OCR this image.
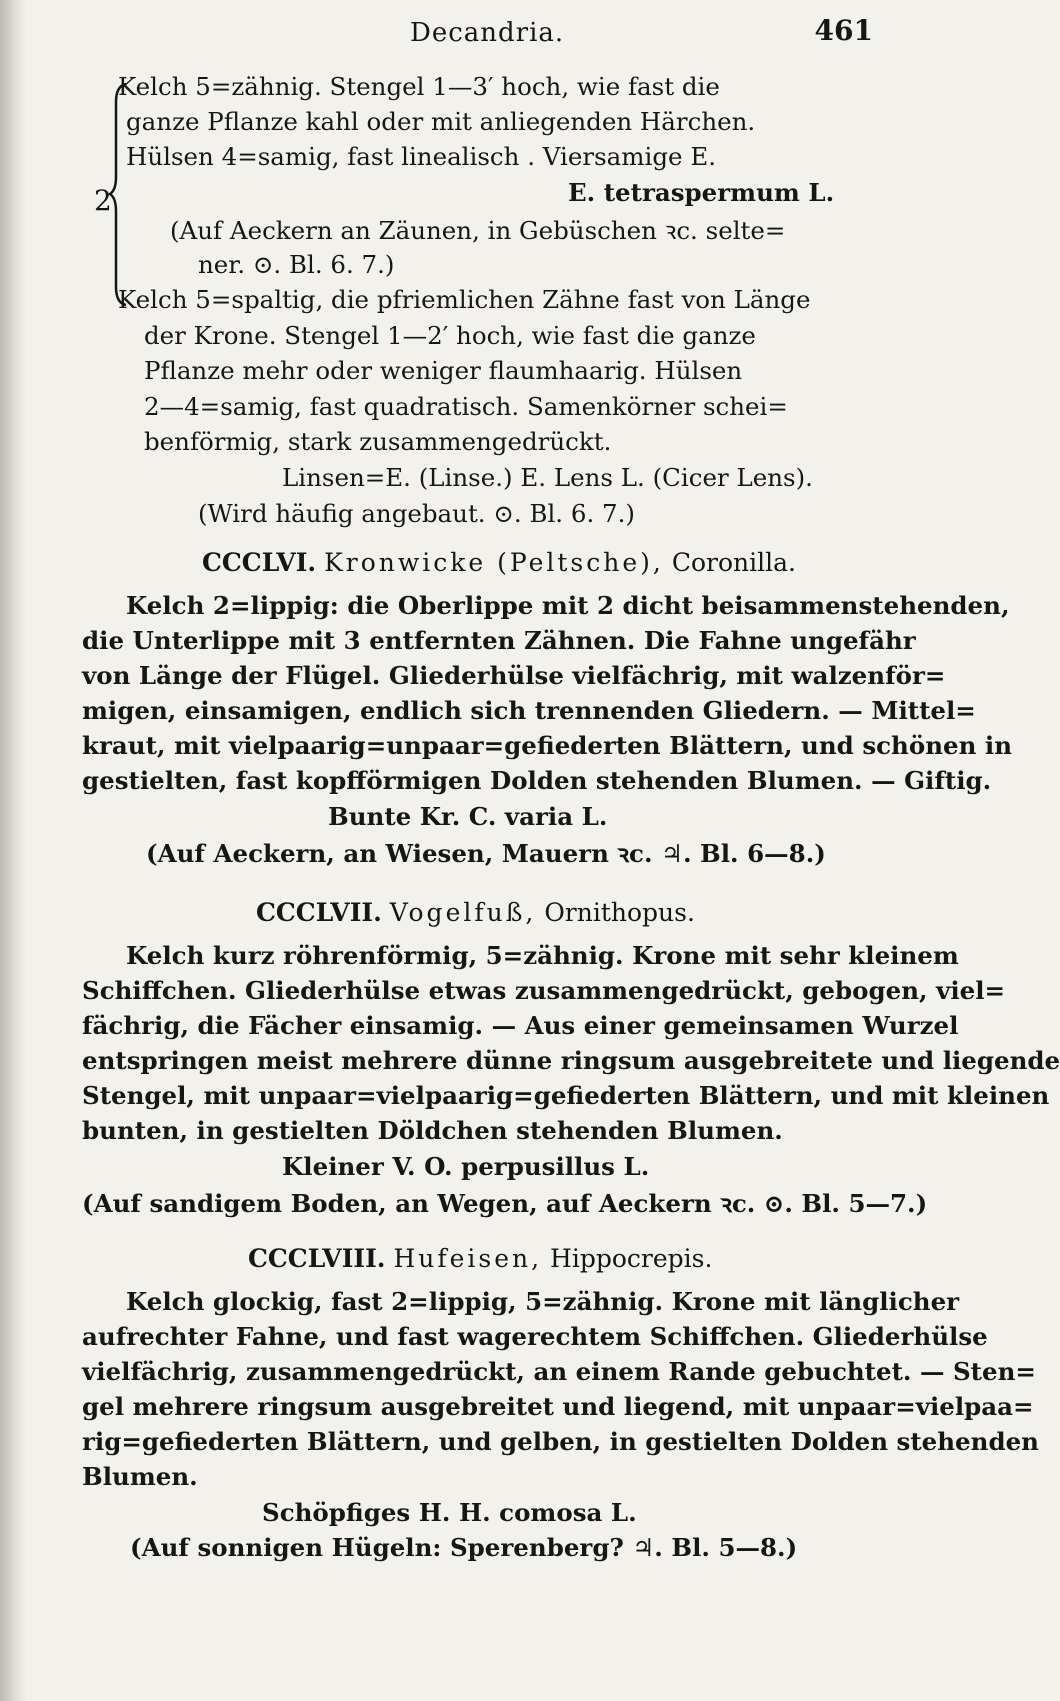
Decandria.	461
2
Kelch 5=zähnig. Stengel 1—3′ hoch, wie fast die
ganze Pflanze kahl oder mit anliegenden Härchen.
Hülsen 4=samig, fast linealisch . Viersamige E.
E. tetraspermum L.
(Auf Aeckern an Zäunen, in Gebüschen ꝛc. selte=
ner. ⊙. Bl. 6. 7.)
Kelch 5=spaltig, die pfriemlichen Zähne fast von Länge
der Krone. Stengel 1—2′ hoch, wie fast die ganze
Pflanze mehr oder weniger flaumhaarig. Hülsen
2—4=samig, fast quadratisch. Samenkörner schei=
benförmig, stark zusammengedrückt.
Linsen=E. (Linse.) E. Lens L. (Cicer Lens).
(Wird häufig angebaut. ⊙. Bl. 6. 7.)
CCCLVI. Kronwicke (Peltsche), Coronilla.
Kelch 2=lippig: die Oberlippe mit 2 dicht beisammenstehenden,
die Unterlippe mit 3 entfernten Zähnen. Die Fahne ungefähr
von Länge der Flügel. Gliederhülse vielfächrig, mit walzenför=
migen, einsamigen, endlich sich trennenden Gliedern. — Mittel=
kraut, mit vielpaarig=unpaar=gefiederten Blättern, und schönen in
gestielten, fast kopfförmigen Dolden stehenden Blumen. — Giftig.
Bunte Kr. C. varia L.
(Auf Aeckern, an Wiesen, Mauern ꝛc. ♃. Bl. 6—8.)
CCCLVII. Vogelfuß, Ornithopus.
Kelch kurz röhrenförmig, 5=zähnig. Krone mit sehr kleinem
Schiffchen. Gliederhülse etwas zusammengedrückt, gebogen, viel=
fächrig, die Fächer einsamig. — Aus einer gemeinsamen Wurzel
entspringen meist mehrere dünne ringsum ausgebreitete und liegende
Stengel, mit unpaar=vielpaarig=gefiederten Blättern, und mit kleinen
bunten, in gestielten Döldchen stehenden Blumen.
Kleiner V. O. perpusillus L.
(Auf sandigem Boden, an Wegen, auf Aeckern ꝛc. ⊙. Bl. 5—7.)
CCCLVIII. Hufeisen, Hippocrepis.
Kelch glockig, fast 2=lippig, 5=zähnig. Krone mit länglicher
aufrechter Fahne, und fast wagerechtem Schiffchen. Gliederhülse
vielfächrig, zusammengedrückt, an einem Rande gebuchtet. — Sten=
gel mehrere ringsum ausgebreitet und liegend, mit unpaar=vielpaa=
rig=gefiederten Blättern, und gelben, in gestielten Dolden stehenden
Blumen.
Schöpfiges H. H. comosa L.
(Auf sonnigen Hügeln: Sperenberg? ♃. Bl. 5—8.)
